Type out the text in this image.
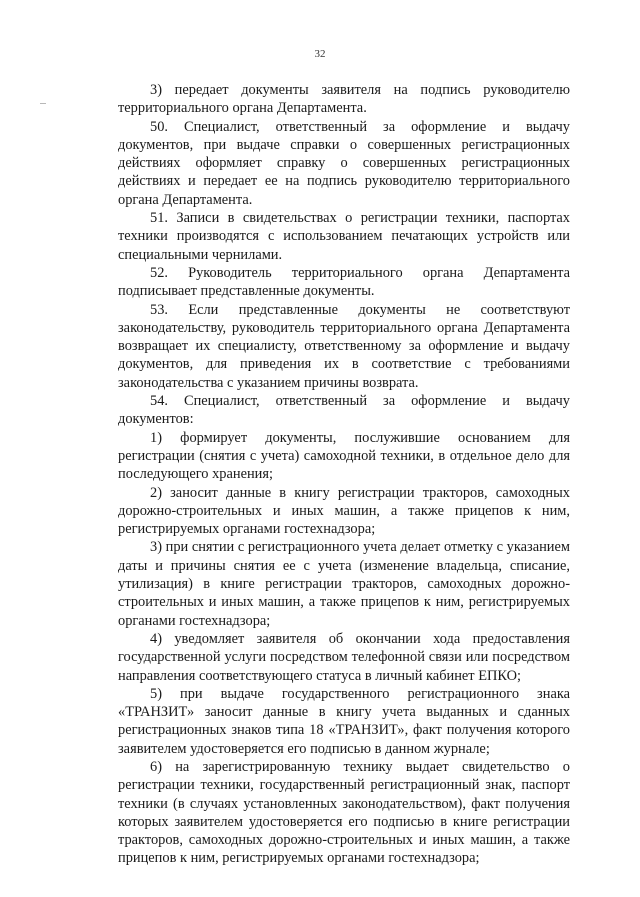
32

3) передает документы заявителя на подпись руководителю территориального органа Департамента.

50. Специалист, ответственный за оформление и выдачу документов, при выдаче справки о совершенных регистрационных действиях оформляет справку о совершенных регистрационных действиях и передает ее на подпись руководителю территориального органа Департамента.

51. Записи в свидетельствах о регистрации техники, паспортах техники производятся с использованием печатающих устройств или специальными чернилами.

52. Руководитель территориального органа Департамента подписывает представленные документы.

53. Если представленные документы не соответствуют законодательству, руководитель территориального органа Департамента возвращает их специалисту, ответственному за оформление и выдачу документов, для приведения их в соответствие с требованиями законодательства с указанием причины возврата.

54. Специалист, ответственный за оформление и выдачу документов:

1) формирует документы, послужившие основанием для регистрации (снятия с учета) самоходной техники, в отдельное дело для последующего хранения;

2) заносит данные в книгу регистрации тракторов, самоходных дорожно-строительных и иных машин, а также прицепов к ним, регистрируемых органами гостехнадзора;

3) при снятии с регистрационного учета делает отметку с указанием даты и причины снятия ее с учета (изменение владельца, списание, утилизация) в книге регистрации тракторов, самоходных дорожно-строительных и иных машин, а также прицепов к ним, регистрируемых органами гостехнадзора;

4) уведомляет заявителя об окончании хода предоставления государственной услуги посредством телефонной связи или посредством направления соответствующего статуса в личный кабинет ЕПКО;

5) при выдаче государственного регистрационного знака «ТРАНЗИТ» заносит данные в книгу учета выданных и сданных регистрационных знаков типа 18 «ТРАНЗИТ», факт получения которого заявителем удостоверяется его подписью в данном журнале;

6) на зарегистрированную технику выдает свидетельство о регистрации техники, государственный регистрационный знак, паспорт техники (в случаях установленных законодательством), факт получения которых заявителем удостоверяется его подписью в книге регистрации тракторов, самоходных дорожно-строительных и иных машин, а также прицепов к ним, регистрируемых органами гостехнадзора;
